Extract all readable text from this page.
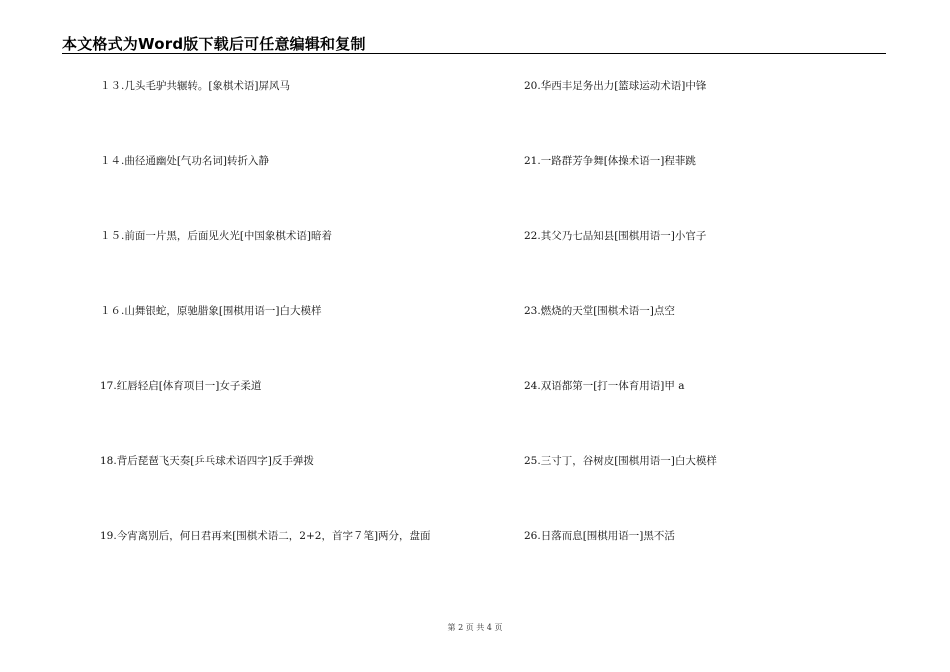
本文格式为Word版下载后可任意编辑和复制
１３.几头毛驴共辗转。[象棋术语]屏风马
１４.曲径通幽处[气功名词]转折入静
１５.前面一片黑，后面见火光[中国象棋术语]暗着
１６.山舞银蛇，原驰腊象[围棋用语一]白大模样
17.红唇轻启[体育项目一]女子柔道
18.背后琵琶飞天奏[乒乓球术语四字]反手弹拨
19.今宵离别后，何日君再来[围棋术语二，2+2，首字７笔]两分，盘面
20.华西丰足务出力[篮球运动术语]中锋
21.一路群芳争舞[体操术语一]程菲跳
22.其父乃七品知县[围棋用语一]小官子
23.燃烧的天堂[围棋术语一]点空
24.双语都第一[打一体育用语]甲 a
25.三寸丁，谷树皮[围棋用语一]白大模样
26.日落而息[围棋用语一]黑不活
第 2 页 共 4 页
